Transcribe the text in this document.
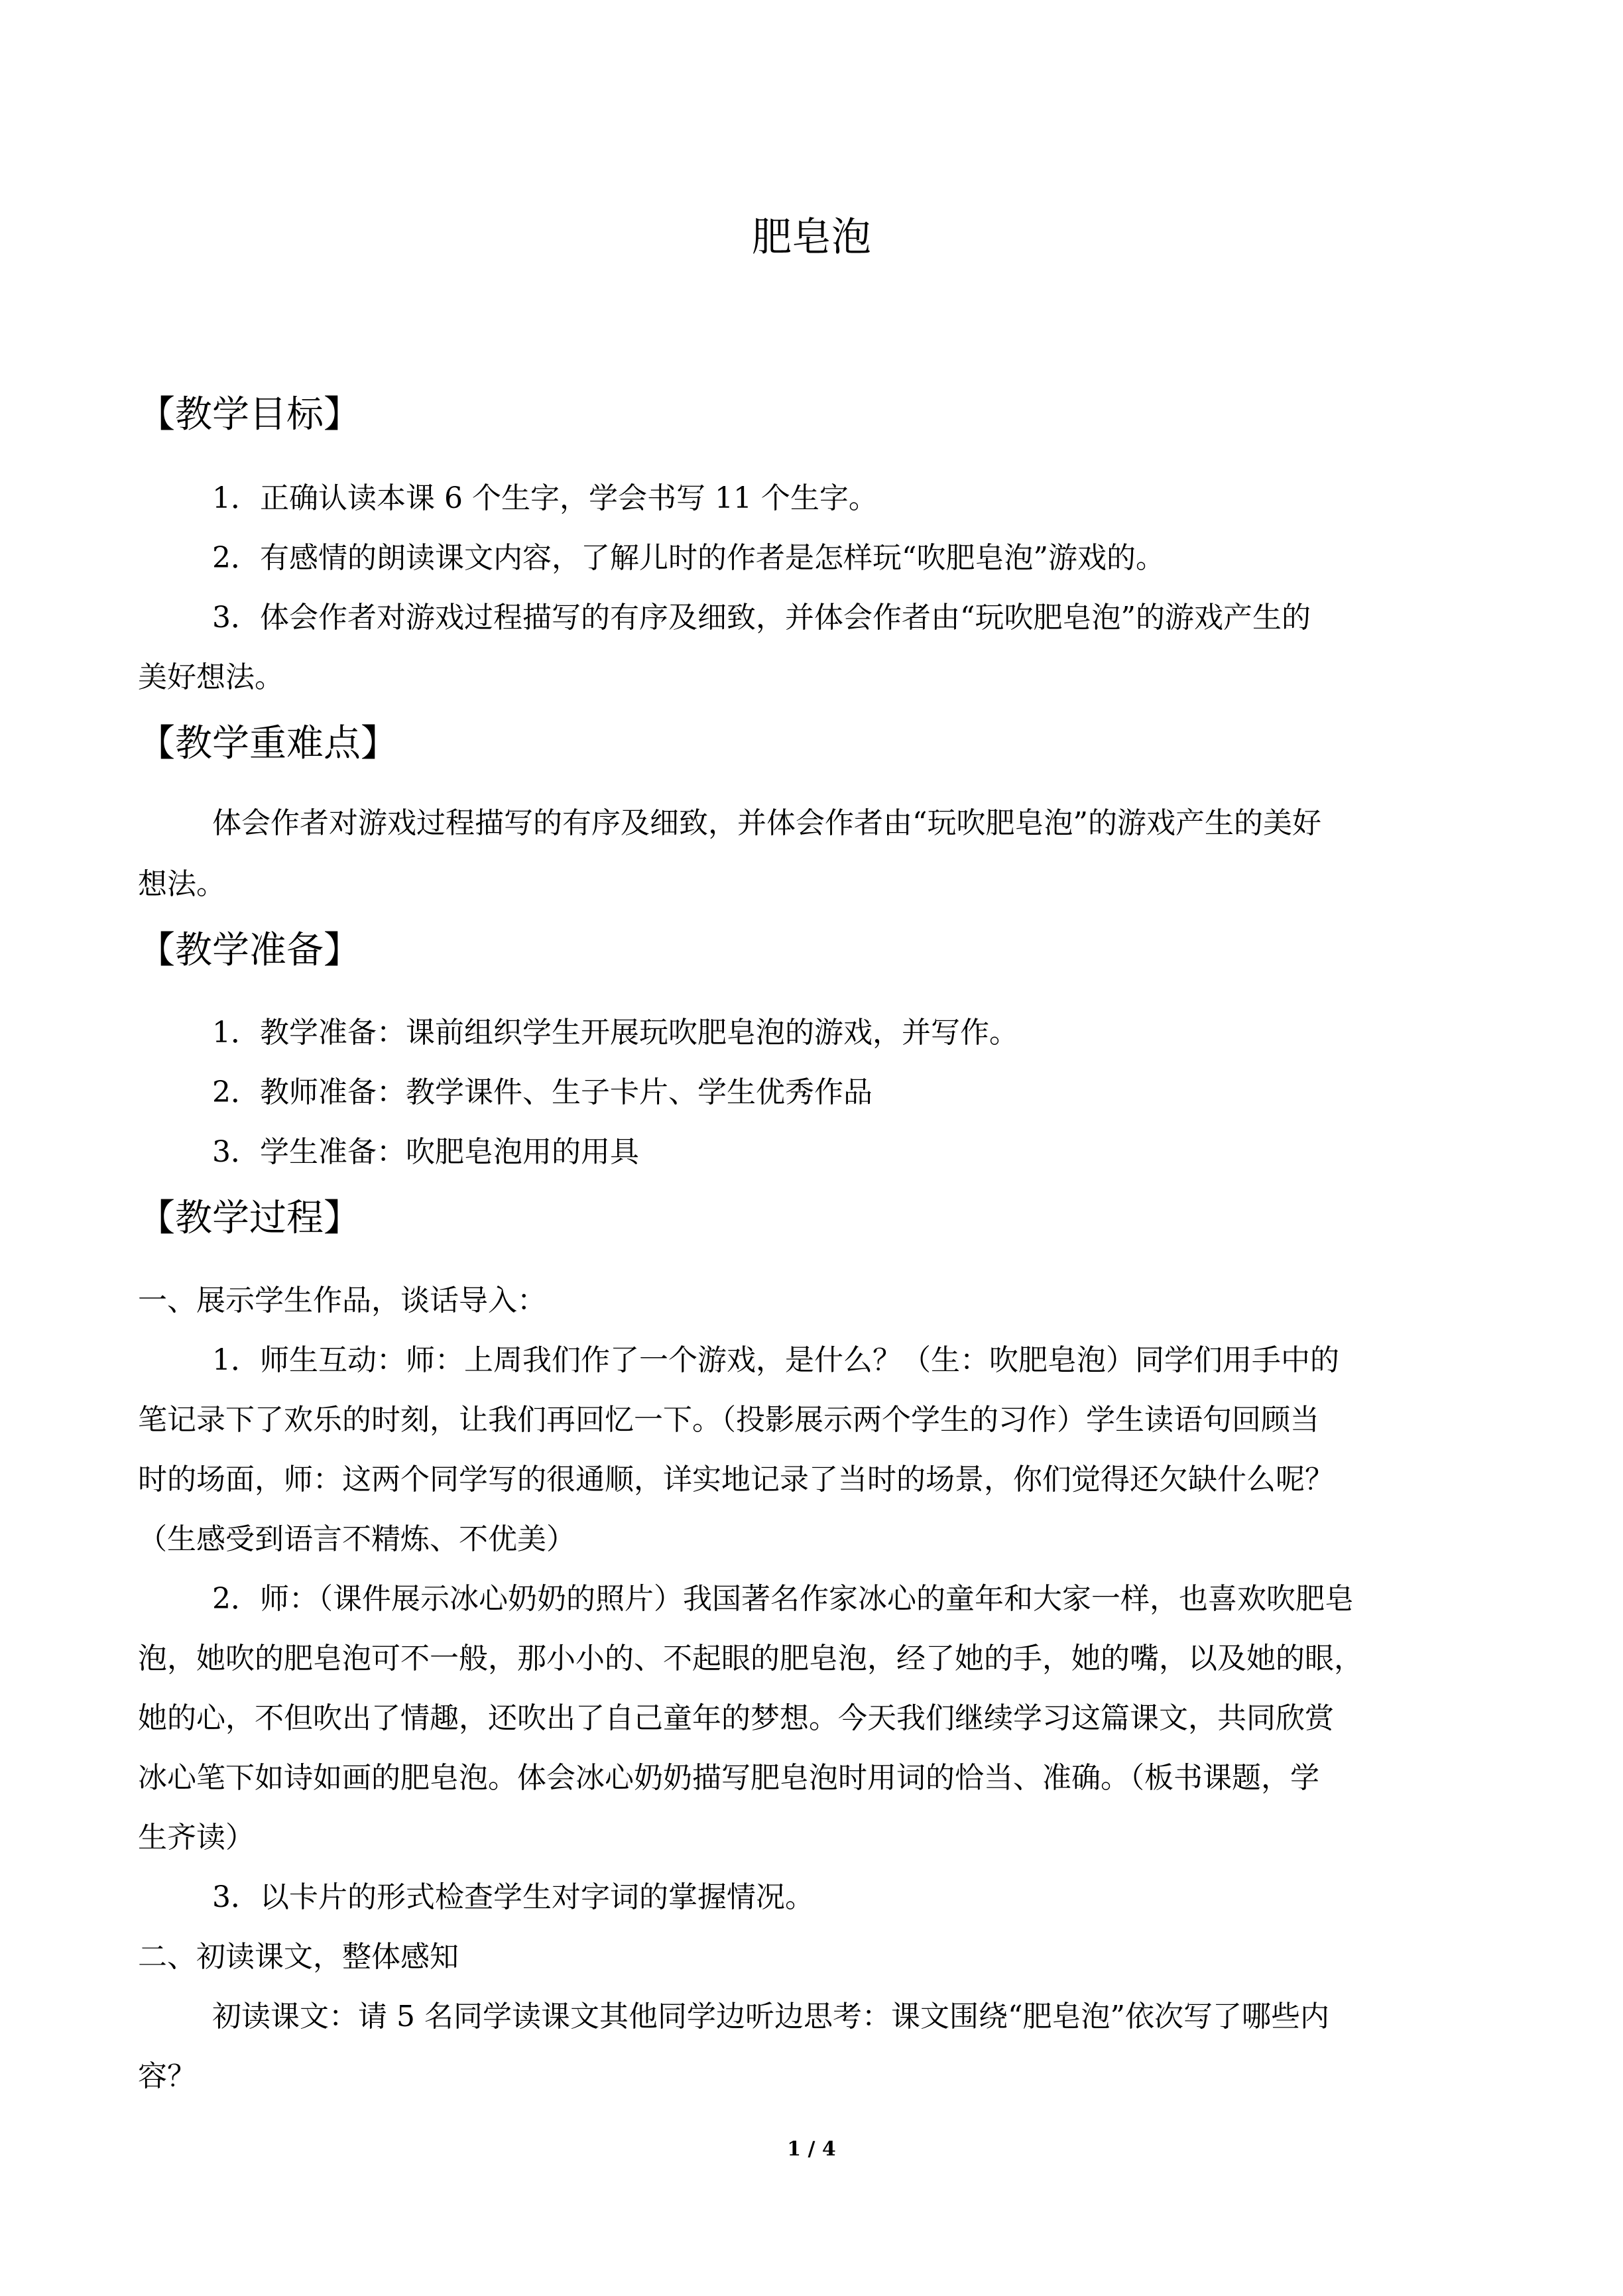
肥皂泡
【教学目标】
1．正确认读本课 6 个生字，学会书写 11 个生字。
2．有感情的朗读课文内容，了解儿时的作者是怎样玩“吹肥皂泡”游戏的。
3．体会作者对游戏过程描写的有序及细致，并体会作者由“玩吹肥皂泡”的游戏产生的
美好想法。
【教学重难点】
体会作者对游戏过程描写的有序及细致，并体会作者由“玩吹肥皂泡”的游戏产生的美好
想法。
【教学准备】
1．教学准备：课前组织学生开展玩吹肥皂泡的游戏，并写作。
2．教师准备：教学课件、生子卡片、学生优秀作品
3．学生准备：吹肥皂泡用的用具
【教学过程】
一、展示学生作品，谈话导入：
1．师生互动：师：上周我们作了一个游戏，是什么？（生：吹肥皂泡）同学们用手中的
笔记录下了欢乐的时刻，让我们再回忆一下。（投影展示两个学生的习作）学生读语句回顾当
时的场面，师：这两个同学写的很通顺，详实地记录了当时的场景，你们觉得还欠缺什么呢？
（生感受到语言不精炼、不优美）
2．师：（课件展示冰心奶奶的照片）我国著名作家冰心的童年和大家一样，也喜欢吹肥皂
泡，她吹的肥皂泡可不一般，那小小的、不起眼的肥皂泡，经了她的手，她的嘴，以及她的眼，
她的心，不但吹出了情趣，还吹出了自己童年的梦想。今天我们继续学习这篇课文，共同欣赏
冰心笔下如诗如画的肥皂泡。体会冰心奶奶描写肥皂泡时用词的恰当、准确。（板书课题，学
生齐读）
3．以卡片的形式检查学生对字词的掌握情况。
二、初读课文，整体感知
初读课文：请 5 名同学读课文其他同学边听边思考：课文围绕“肥皂泡”依次写了哪些内
容？
1 / 4
